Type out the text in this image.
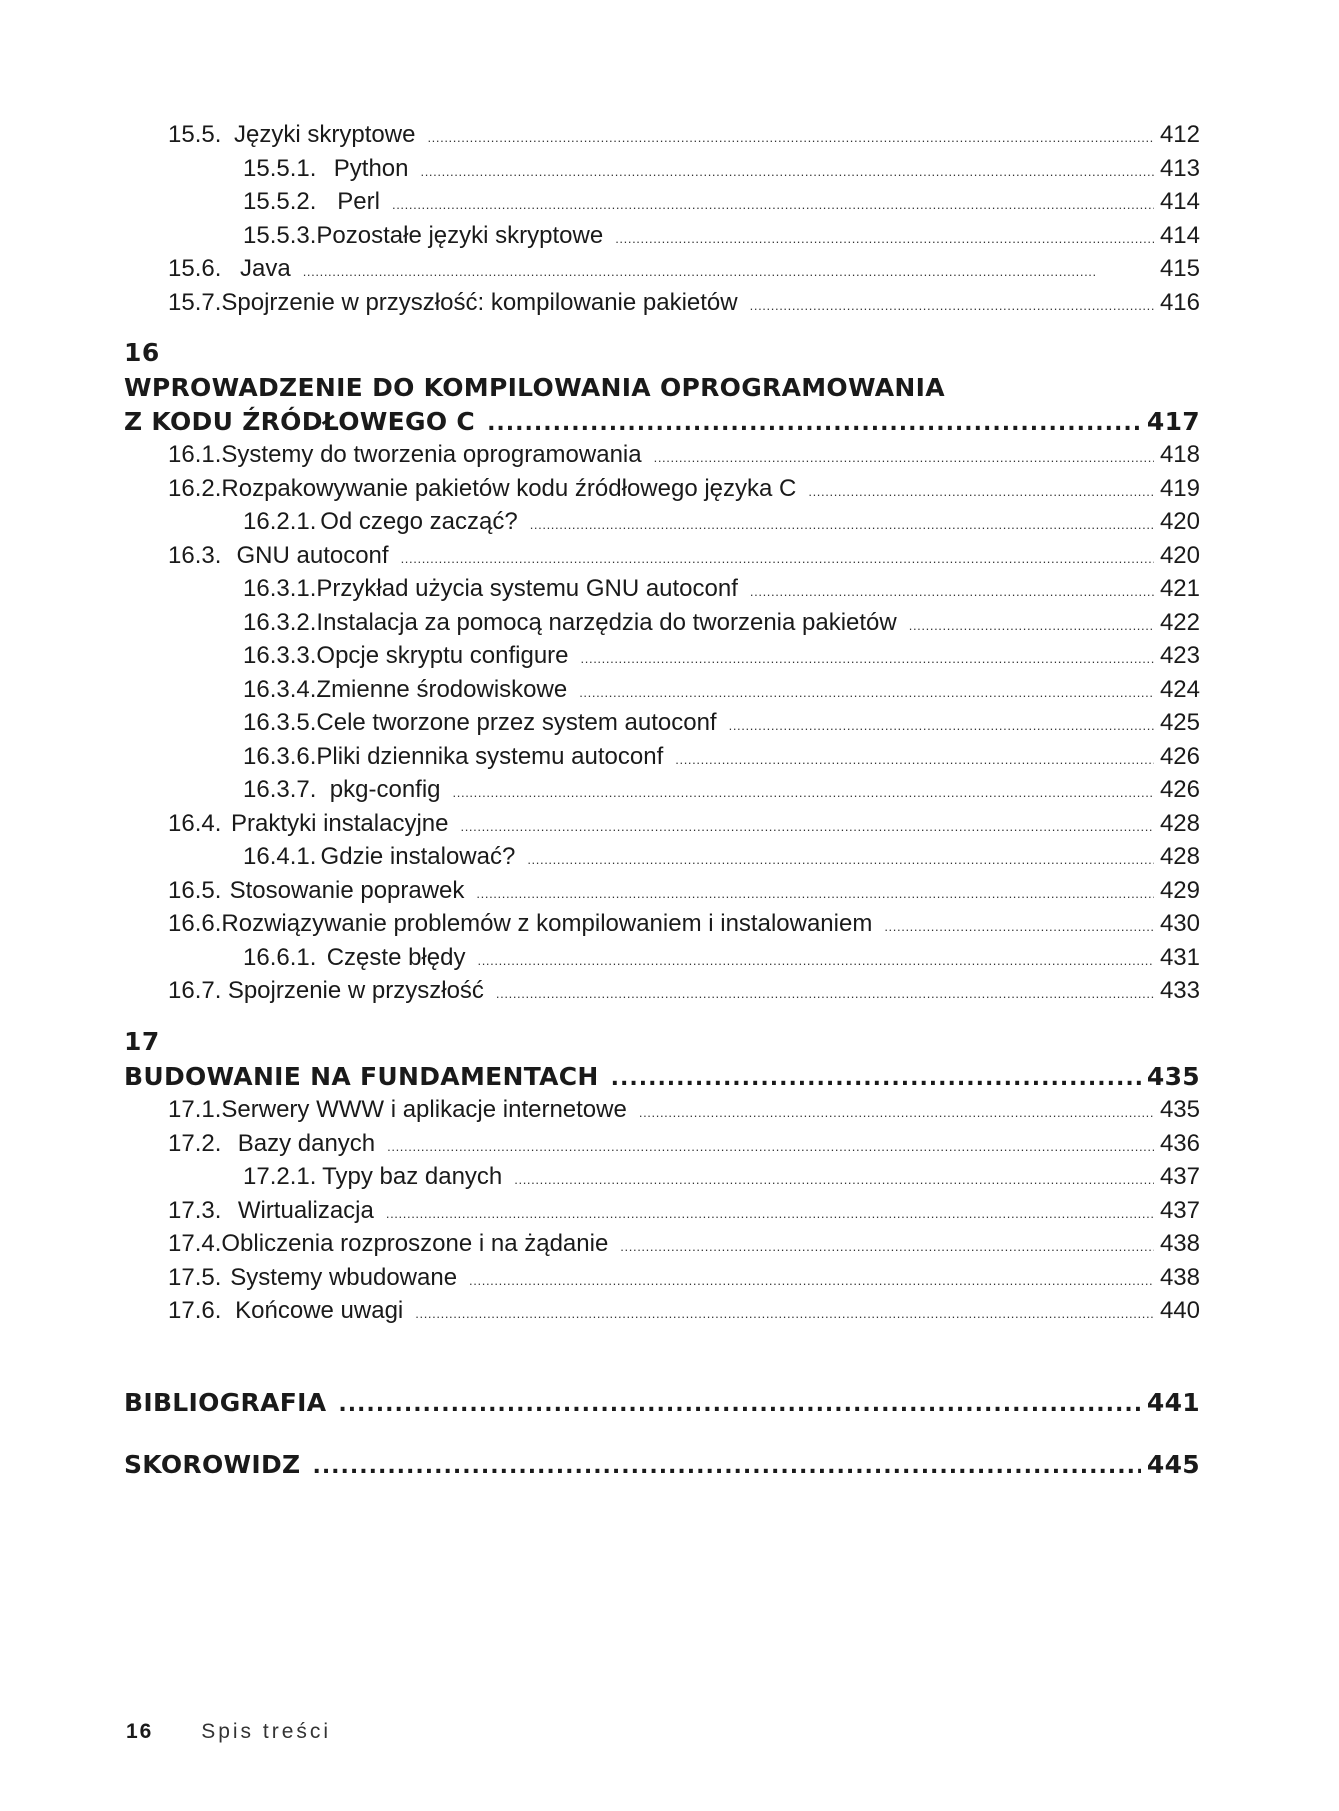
15.5. Języki skryptowe . . .	412
15.5.1. Python . . .	413
15.5.2. Perl . . .	414
15.5.3. Pozostałe języki skryptowe . . .	414
15.6. Java . . .	415
15.7. Spojrzenie w przyszłość: kompilowanie pakietów . . .	416
16
WPROWADZENIE DO KOMPILOWANIA OPROGRAMOWANIA
Z KODU ŹRÓDŁOWEGO C .....	417
16.1. Systemy do tworzenia oprogramowania . . .	418
16.2. Rozpakowywanie pakietów kodu źródłowego języka C . . .	419
16.2.1. Od czego zacząć? . . .	420
16.3. GNU autoconf . . .	420
16.3.1. Przykład użycia systemu GNU autoconf . . .	421
16.3.2. Instalacja za pomocą narzędzia do tworzenia pakietów . . .	422
16.3.3. Opcje skryptu configure . . .	423
16.3.4. Zmienne środowiskowe . . .	424
16.3.5. Cele tworzone przez system autoconf . . .	425
16.3.6. Pliki dziennika systemu autoconf . . .	426
16.3.7. pkg-config . . .	426
16.4. Praktyki instalacyjne . . .	428
16.4.1. Gdzie instalować? . . .	428
16.5. Stosowanie poprawek . . .	429
16.6. Rozwiązywanie problemów z kompilowaniem i instalowaniem . . .	430
16.6.1. Częste błędy . . .	431
16.7. Spojrzenie w przyszłość . . .	433
17
BUDOWANIE NA FUNDAMENTACH .....	435
17.1. Serwery WWW i aplikacje internetowe . . .	435
17.2. Bazy danych . . .	436
17.2.1. Typy baz danych . . .	437
17.3. Wirtualizacja . . .	437
17.4. Obliczenia rozproszone i na żądanie . . .	438
17.5. Systemy wbudowane . . .	438
17.6. Końcowe uwagi . . .	440
BIBLIOGRAFIA .....	441
SKOROWIDZ .....	445
16 Spis treści
